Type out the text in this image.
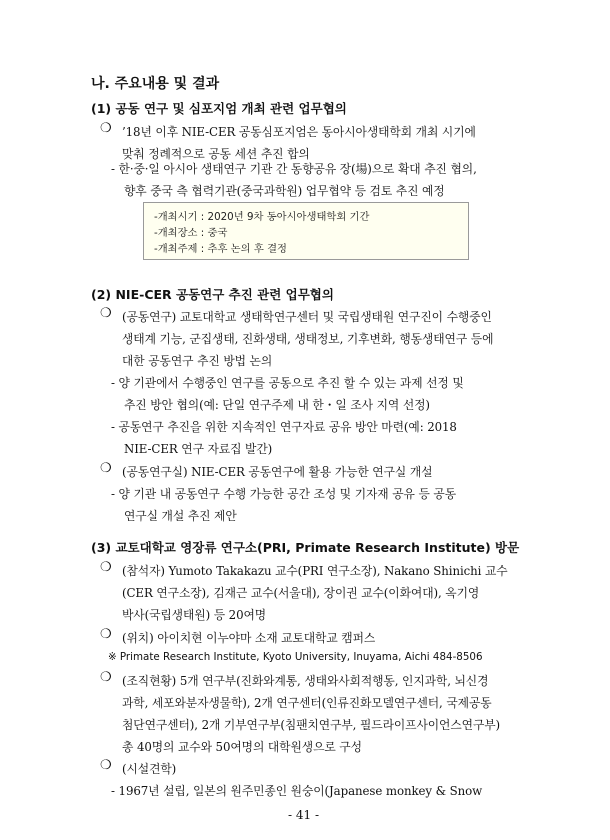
나. 주요내용 및 결과
(1) 공동 연구 및 심포지엄 개최 관련 업무협의
❍ ’18년 이후 NIE-CER 공동심포지엄은 동아시아생태학회 개최 시기에
맞춰 정례적으로 공동 세션 추진 합의
- 한·중·일 아시아 생태연구 기관 간 동향공유 장(場)으로 확대 추진 협의,
향후 중국 측 협력기관(중국과학원) 업무협약 등 검토 추진 예정
-개최시기 : 2020년 9차 동아시아생태학회 기간
-개최장소 : 중국
-개최주제 : 추후 논의 후 결정
(2) NIE-CER 공동연구 추진 관련 업무협의
❍ (공동연구) 교토대학교 생태학연구센터 및 국립생태원 연구진이 수행중인
생태계 기능, 군집생태, 진화생태, 생태정보, 기후변화, 행동생태연구 등에
대한 공동연구 추진 방법 논의
- 양 기관에서 수행중인 연구를 공동으로 추진 할 수 있는 과제 선정 및
추진 방안 협의(예: 단일 연구주제 내 한・일 조사 지역 선정)
- 공동연구 추진을 위한 지속적인 연구자료 공유 방안 마련(예: 2018
NIE-CER 연구 자료집 발간)
❍ (공동연구실) NIE-CER 공동연구에 활용 가능한 연구실 개설
- 양 기관 내 공동연구 수행 가능한 공간 조성 및 기자재 공유 등 공동
연구실 개설 추진 제안
(3) 교토대학교 영장류 연구소(PRI, Primate Research Institute) 방문
❍ (참석자) Yumoto Takakazu 교수(PRI 연구소장), Nakano Shinichi 교수
(CER 연구소장), 김재근 교수(서울대), 장이권 교수(이화여대), 옥기영
박사(국립생태원) 등 20여명
❍ (위치) 아이치현 이누야마 소재 교토대학교 캠퍼스
※ Primate Research Institute, Kyoto University, Inuyama, Aichi 484-8506
❍ (조직현황) 5개 연구부(진화와계통, 생태와사회적행동, 인지과학, 뇌신경
과학, 세포와분자생물학), 2개 연구센터(인류진화모델연구센터, 국제공동
첨단연구센터), 2개 기부연구부(침팬치연구부, 필드라이프사이언스연구부)
총 40명의 교수와 50여명의 대학원생으로 구성
❍ (시설견학)
- 1967년 설립, 일본의 원주민종인 원숭이(Japanese monkey & Snow
- 41 -
